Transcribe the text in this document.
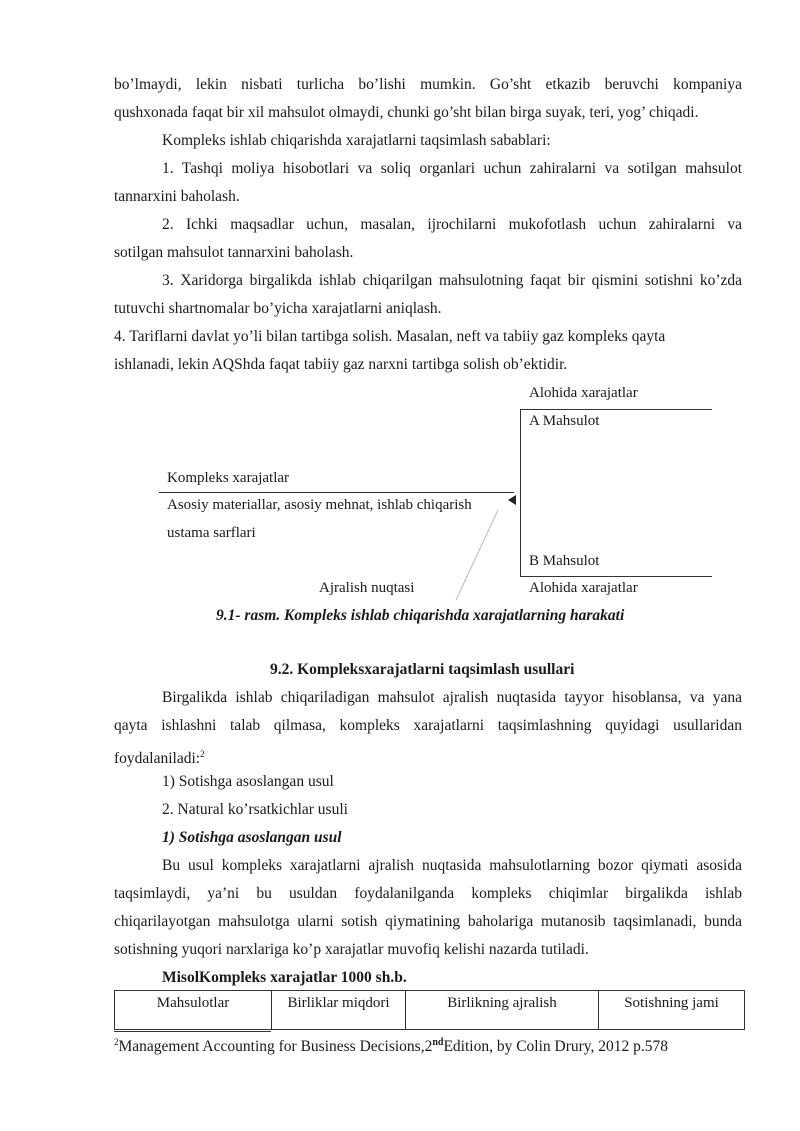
bo’lmaydi, lekin nisbati turlicha bo’lishi mumkin. Go’sht etkazib beruvchi kompaniya
qushxonada faqat bir xil mahsulot olmaydi, chunki go’sht bilan birga suyak, teri, yog’ chiqadi.
Kompleks ishlab chiqarishda xarajatlarni taqsimlash sabablari:
1. Tashqi moliya hisobotlari va soliq organlari uchun zahiralarni va sotilgan mahsulot
tannarxini baholash.
2. Ichki maqsadlar uchun, masalan, ijrochilarni mukofotlash uchun zahiralarni va
sotilgan mahsulot tannarxini baholash.
3. Xaridorga birgalikda ishlab chiqarilgan mahsulotning faqat bir qismini sotishni ko’zda
tutuvchi shartnomalar bo’yicha xarajatlarni aniqlash.
4. Tariflarni davlat yo’li bilan tartibga solish. Masalan, neft va tabiiy gaz kompleks qayta
ishlanadi, lekin AQShda faqat tabiiy gaz narxni tartibga solish ob’ektidir.
Alohida xarajatlar
A Mahsulot
Kompleks xarajatlar
Asosiy materiallar, asosiy mehnat, ishlab chiqarish
ustama sarflari
B Mahsulot
Ajralish nuqtasi	Alohida xarajatlar
9.1- rasm. Kompleks ishlab chiqarishda xarajatlarning harakati
9.2. Kompleksxarajatlarni taqsimlash usullari
Birgalikda ishlab chiqariladigan mahsulot ajralish nuqtasida tayyor hisoblansa, va yana
qayta ishlashni talab qilmasa, kompleks xarajatlarni taqsimlashning quyidagi usullaridan
foydalaniladi:$^2$
1) Sotishga asoslangan usul
2. Natural ko’rsatkichlar usuli
1) Sotishga asoslangan usul
Bu usul kompleks xarajatlarni ajralish nuqtasida mahsulotlarning bozor qiymati asosida
taqsimlaydi, ya’ni bu usuldan foydalanilganda kompleks chiqimlar birgalikda ishlab
chiqarilayotgan mahsulotga ularni sotish qiymatining baholariga mutanosib taqsimlanadi, bunda
sotishning yuqori narxlariga ko’p xarajatlar muvofiq kelishi nazarda tutiladi.
MisolKompleks xarajatlar 1000 sh.b.
Mahsulotlar	Birliklar miqdori	Birlikning ajralish	Sotishning jami
$^2$Management Accounting for Business Decisions,2ndEdition, by Colin Drury, 2012 p.578
